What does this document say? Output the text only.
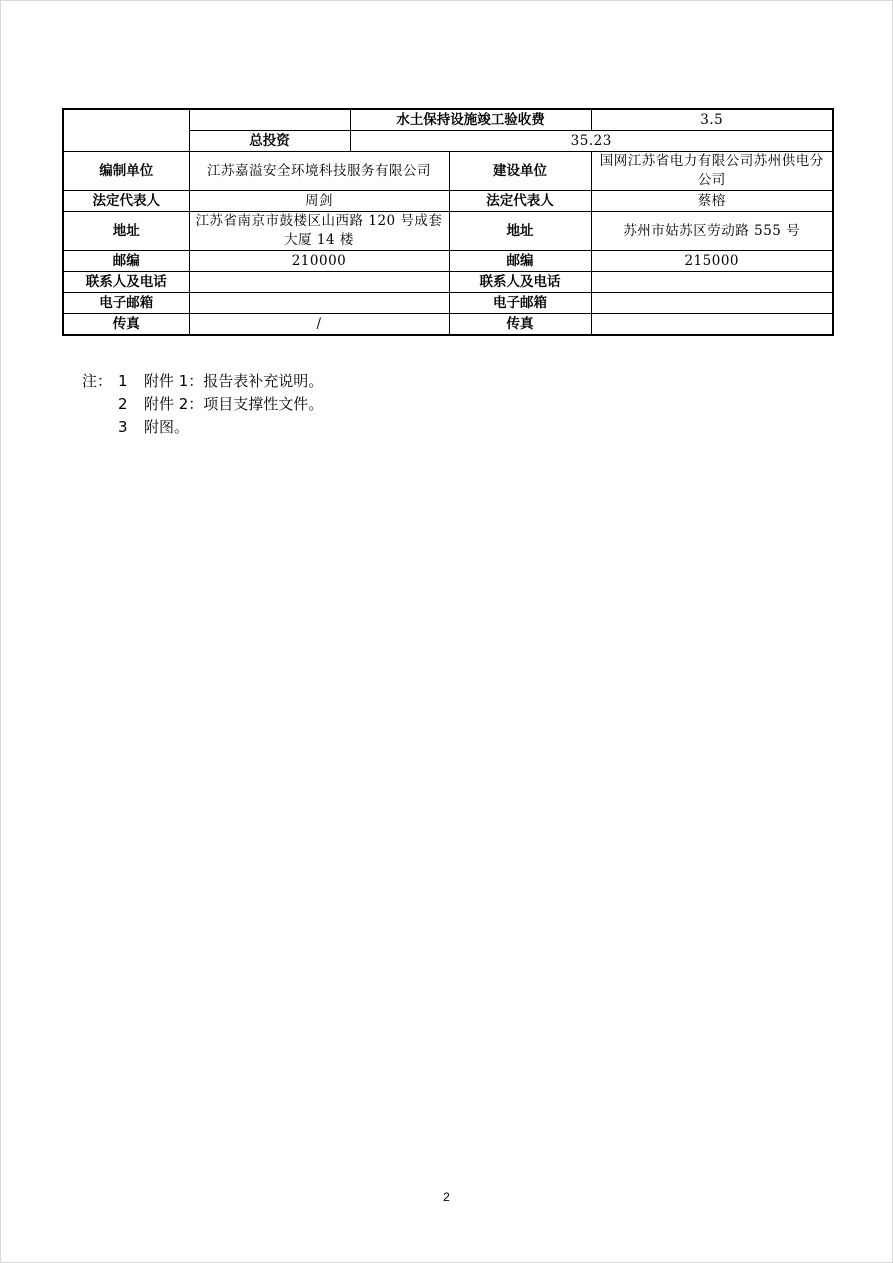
		水土保持设施竣工验收费		3.5
	总投资	35.23		
编制单位	江苏嘉溢安全环境科技服务有限公司		建设单位	国网江苏省电力有限公司苏州供电分公司
法定代表人	周剑		法定代表人	蔡榕
地址	江苏省南京市鼓楼区山西路 120 号成套大厦 14 楼		地址	苏州市姑苏区劳动路 555 号
邮编	210000		邮编	215000
联系人及电话			联系人及电话	
电子邮箱			电子邮箱	
传真	/		传真	
注： 1	附件 1：报告表补充说明。
2	附件 2：项目支撑性文件。
3	附图。
2
